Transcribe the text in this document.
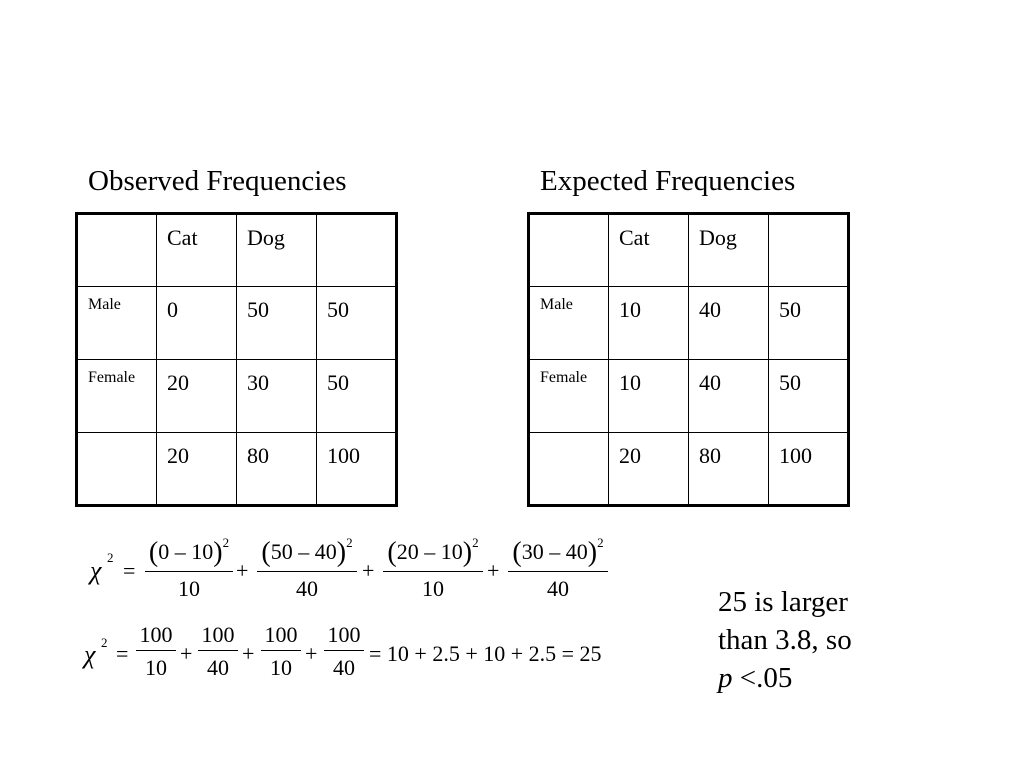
Observed Frequencies

	Cat	Dog	

Male	0	50	50

Female	20	30	50

	20	80	100
Expected Frequencies

	Cat	Dog	

Male	10	40	50

Female	10	40	50

	20	80	100
χ 2
= $\frac{(0 - 10)^2}{10} + \frac{(50 - 40)^2}{40} + \frac{(20 - 10)^2}{10} + \frac{(30 - 40)^2}{40}$
χ $2 = \frac{100}{10} + \frac{100}{40} + \frac{100}{10} + \frac{100}{40} = 10 + 2.5 + 10 + 2.5 = 25$
25 is larger
than 3.8, so
p <.05
